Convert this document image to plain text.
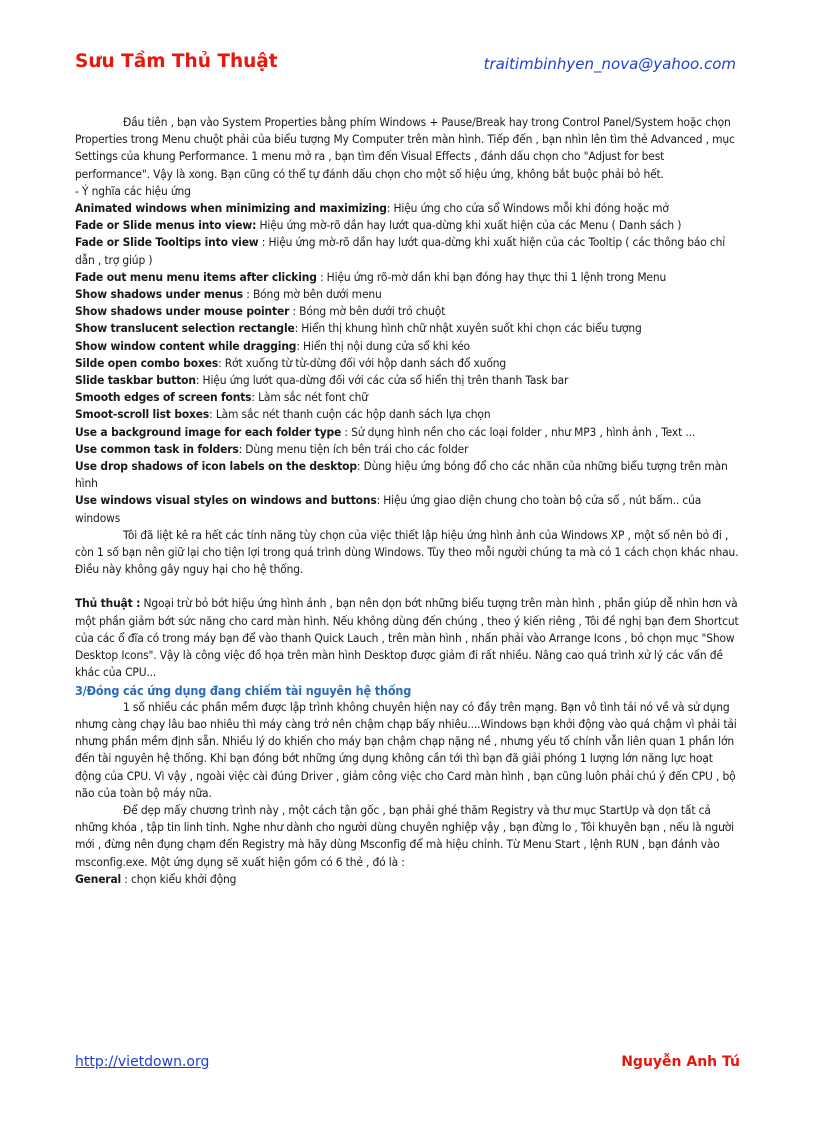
Sưu Tầm Thủ Thuật	traitimbinhyen_nova@yahoo.com

Đầu tiên , bạn vào System Properties bằng phím Windows + Pause/Break hay trong Control Panel/System hoặc chọn Properties trong Menu chuột phải của biểu tượng My Computer trên màn hình. Tiếp đến , bạn nhìn lên tìm thẻ Advanced , mục Settings của khung Performance. 1 menu mở ra , bạn tìm đến Visual Effects , đánh dấu chọn cho "Adjust for best performance". Vậy là xong. Bạn cũng có thể tự đánh dấu chọn cho một số hiệu ứng, không bắt buộc phải bỏ hết.

- Ý nghĩa các hiệu ứng

Animated windows when minimizing and maximizing: Hiệu ứng cho cửa sổ Windows mỗi khi đóng hoặc mở

Fade or Slide menus into view: Hiệu ứng mờ-rõ dần hay lướt qua-dừng khi xuất hiện của các Menu ( Danh sách )

Fade or Slide Tooltips into view : Hiệu ứng mờ-rõ dần hay lướt qua-dừng khi xuất hiện của các Tooltip ( các thông báo chỉ dẫn , trợ giúp )

Fade out menu menu items after clicking : Hiệu ứng rõ-mờ dần khi bạn đóng hay thực thi 1 lệnh trong Menu

Show shadows under menus : Bóng mờ bên dưới menu

Show shadows under mouse pointer : Bóng mờ bên dưới trỏ chuột

Show translucent selection rectangle: Hiển thị khung hình chữ nhật xuyên suốt khi chọn các biểu tượng

Show window content while dragging: Hiển thị nội dung cửa sổ khi kéo

Silde open combo boxes: Rớt xuống từ từ-dừng đối với hộp danh sách đổ xuống

Slide taskbar button: Hiệu ứng lướt qua-dừng đối với các cửa sổ hiển thị trên thanh Task bar

Smooth edges of screen fonts: Làm sắc nét font chữ

Smoot-scroll list boxes: Làm sắc nét thanh cuộn các hộp danh sách lựa chọn

Use a background image for each folder type : Sử dụng hình nền cho các loại folder , như MP3 , hình ảnh , Text ...

Use common task in folders: Dùng menu tiện ích bên trái cho các folder

Use drop shadows of icon labels on the desktop: Dùng hiệu ứng bóng đổ cho các nhãn của những biểu tượng trên màn hình

Use windows visual styles on windows and buttons: Hiệu ứng giao diện chung cho toàn bộ cửa sổ , nút bấm.. của windows

Tôi đã liệt kê ra hết các tính năng tùy chọn của việc thiết lập hiệu ứng hình ảnh của Windows XP , một số nên bỏ đi , còn 1 số bạn nên giữ lại cho tiện lợi trong quá trình dùng Windows. Tùy theo mỗi người chúng ta mà có 1 cách chọn khác nhau. Điều này không gây nguy hại cho hệ thống.

Thủ thuật : Ngoại trừ bỏ bớt hiệu ứng hình ảnh , bạn nên dọn bớt những biểu tượng trên màn hình , phần giúp dễ nhìn hơn và một phần giảm bớt sức năng cho card màn hình. Nếu không dùng đến chúng , theo ý kiến riêng , Tôi đề nghị bạn đem Shortcut của các ổ đĩa có trong máy bạn để vào thanh Quick Lauch , trên màn hình , nhấn phải vào Arrange Icons , bỏ chọn mục "Show Desktop Icons". Vậy là công việc đồ họa trên màn hình Desktop được giảm đi rất nhiều. Nâng cao quá trình xử lý các vấn đề khác của CPU...

3/Đóng các ứng dụng đang chiếm tài nguyên hệ thống

1 số nhiều các phần mềm được lập trình không chuyên hiện nay có đầy trên mạng. Bạn vô tình tải nó về và sử dụng nhưng càng chạy lâu bao nhiêu thì máy càng trở nên chậm chạp bấy nhiêu....Windows bạn khởi động vào quá chậm vì phải tải nhưng phần mềm định sẵn. Nhiều lý do khiến cho máy bạn chậm chạp nặng nề , nhưng yếu tố chính vẫn liên quan 1 phần lớn đến tài nguyên hệ thống. Khi bạn đóng bớt những ứng dụng không cần tới thì bạn đã giải phóng 1 lượng lớn năng lực hoạt động của CPU. Vì vậy , ngoài việc cài đúng Driver , giảm công việc cho Card màn hình , bạn cũng luôn phải chú ý đến CPU , bộ não của toàn bộ máy nữa.

Để dẹp mấy chương trình này , một cách tận gốc , bạn phải ghé thăm Registry và thư mục StartUp và dọn tất cả những khóa , tập tin linh tinh. Nghe như dành cho người dùng chuyên nghiệp vậy , bạn đừng lo , Tôi khuyên bạn , nếu là người mới , đừng nên đụng chạm đến Registry mà hãy dùng Msconfig để mà hiệu chỉnh. Từ Menu Start , lệnh RUN , bạn đánh vào msconfig.exe. Một ứng dụng sẽ xuất hiện gồm có 6 thẻ , đó là :

General : chọn kiểu khởi động

http://vietdown.org	Nguyễn Anh Tú
